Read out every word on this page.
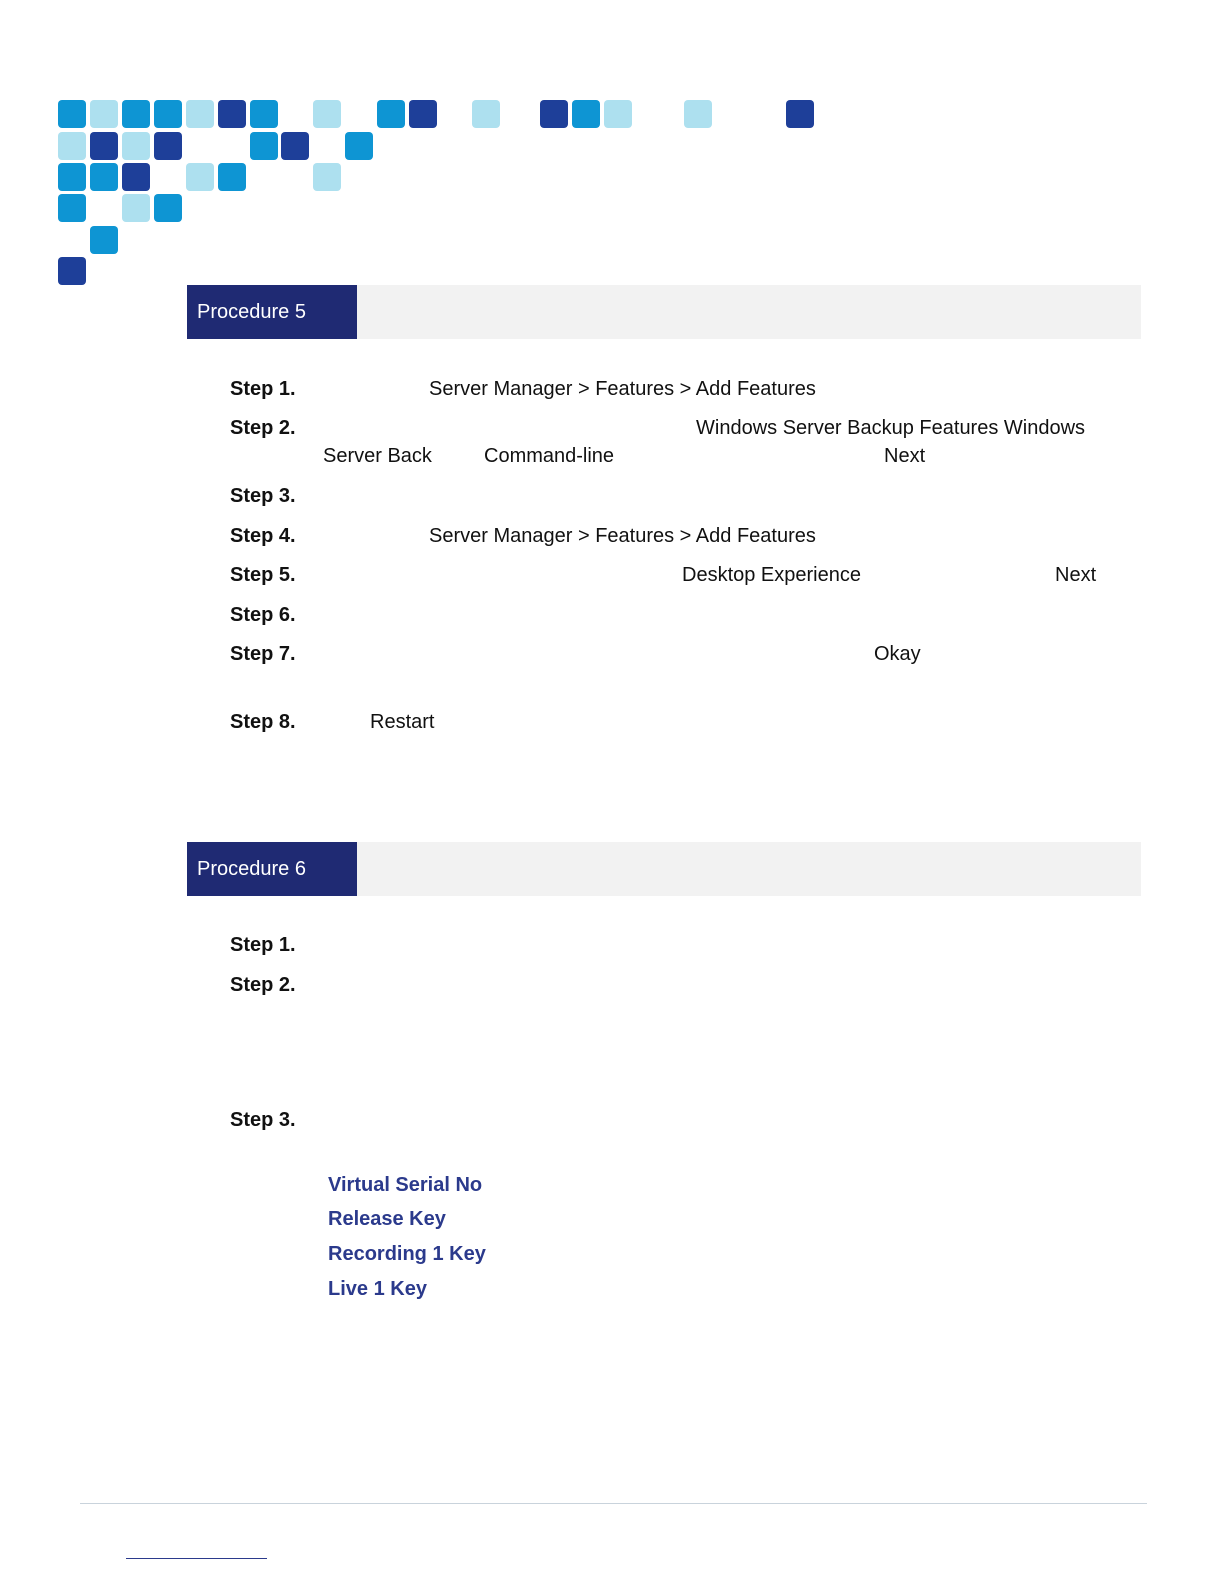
Procedure 5
Step 1.	Server Manager > Features > Add Features
Step 2.	Windows Server Backup Features Windows
Server Back	Command-line	Next
Step 3.
Step 4.	Server Manager > Features > Add Features
Step 5.	Desktop Experience	Next
Step 6.
Step 7.	Okay
Step 8.	Restart
Procedure 6
Step 1.
Step 2.
Step 3.
Virtual Serial No
Release Key
Recording 1 Key
Live 1 Key
